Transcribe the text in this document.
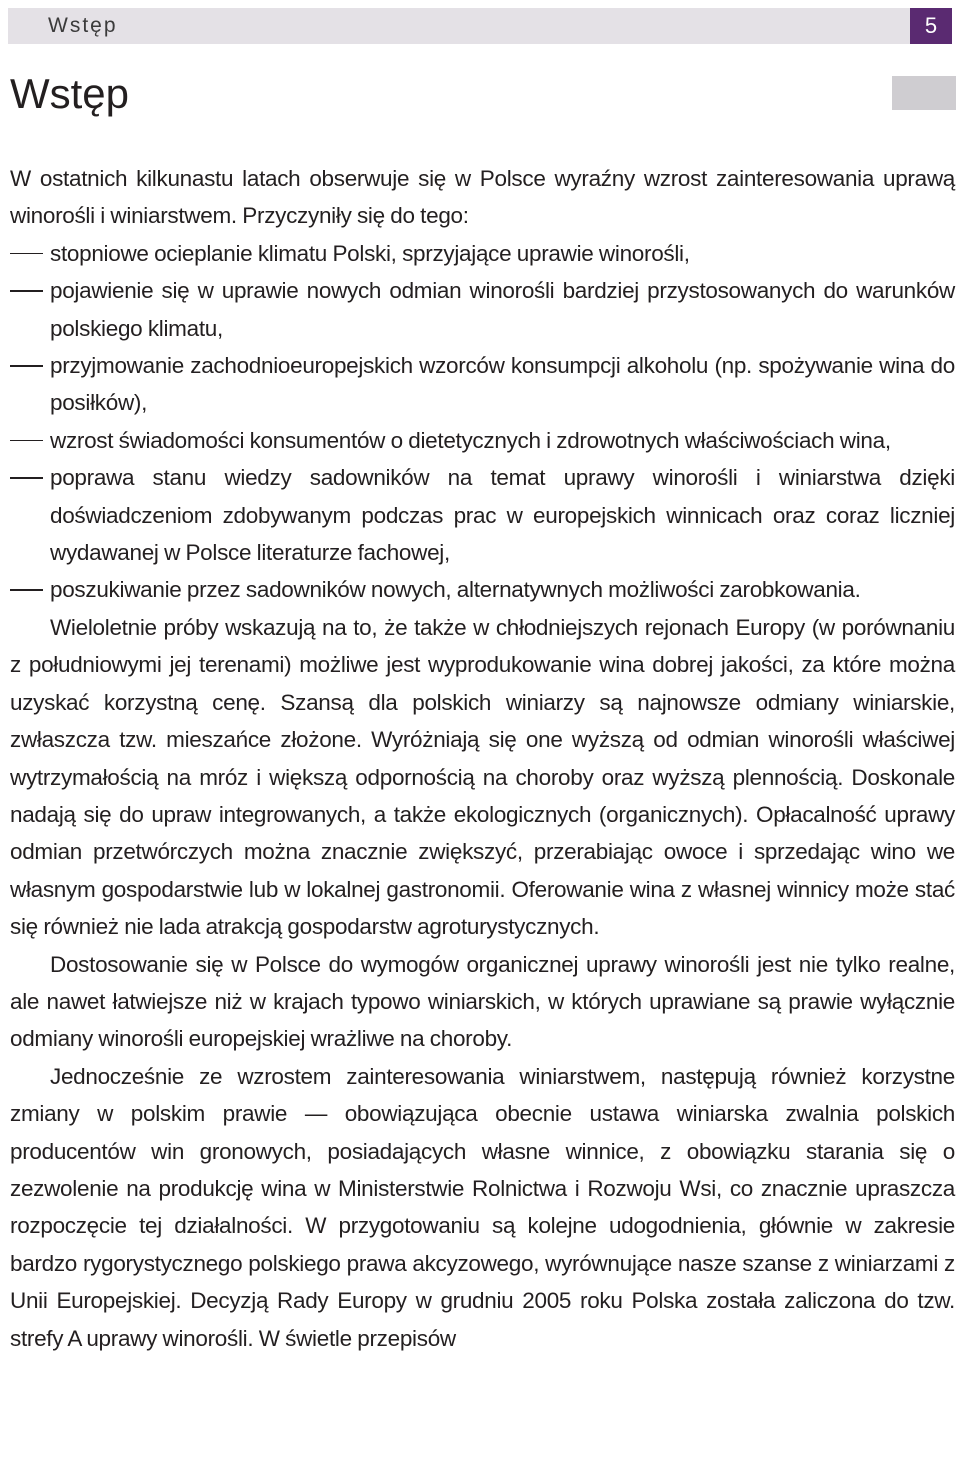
Wstęp	5
Wstęp

W ostatnich kilkunastu latach obserwuje się w Polsce wyraźny wzrost zainteresowania uprawą winorośli i winiarstwem. Przyczyniły się do tego:

stopniowe ocieplanie klimatu Polski, sprzyjające uprawie winorośli,
pojawienie się w uprawie nowych odmian winorośli bardziej przystosowanych do warunków polskiego klimatu,
przyjmowanie zachodnioeuropejskich wzorców konsumpcji alkoholu (np. spożywanie wina do posiłków),
wzrost świadomości konsumentów o dietetycznych i zdrowotnych właściwościach wina,
poprawa stanu wiedzy sadowników na temat uprawy winorośli i winiarstwa dzięki doświadczeniom zdobywanym podczas prac w europejskich winnicach oraz coraz liczniej wydawanej w Polsce literaturze fachowej,
poszukiwanie przez sadowników nowych, alternatywnych możliwości zarobkowania.

Wieloletnie próby wskazują na to, że także w chłodniejszych rejonach Europy (w porównaniu z południowymi jej terenami) możliwe jest wyprodukowanie wina dobrej jakości, za które można uzyskać korzystną cenę. Szansą dla polskich winiarzy są najnowsze odmiany winiarskie, zwłaszcza tzw. mieszańce złożone. Wyróżniają się one wyższą od odmian winorośli właściwej wytrzymałością na mróz i większą odpornością na choroby oraz wyższą plennością. Doskonale nadają się do upraw integrowanych, a także ekologicznych (organicznych). Opłacalność uprawy odmian przetwórczych można znacznie zwiększyć, przerabiając owoce i sprzedając wino we własnym gospodarstwie lub w lokalnej gastronomii. Oferowanie wina z własnej winnicy może stać się również nie lada atrakcją gospodarstw agroturystycznych.

Dostosowanie się w Polsce do wymogów organicznej uprawy winorośli jest nie tylko realne, ale nawet łatwiejsze niż w krajach typowo winiarskich, w których uprawiane są prawie wyłącznie odmiany winorośli europejskiej wrażliwe na choroby.

Jednocześnie ze wzrostem zainteresowania winiarstwem, następują również korzystne zmiany w polskim prawie — obowiązująca obecnie ustawa winiarska zwalnia polskich producentów win gronowych, posiadających własne winnice, z obowiązku starania się o zezwolenie na produkcję wina w Ministerstwie Rolnictwa i Rozwoju Wsi, co znacznie upraszcza rozpoczęcie tej działalności. W przygotowaniu są kolejne udogodnienia, głównie w zakresie bardzo rygorystycznego polskiego prawa akcyzowego, wyrównujące nasze szanse z winiarzami z Unii Europejskiej. Decyzją Rady Europy w grudniu 2005 roku Polska została zaliczona do tzw. strefy A uprawy winorośli. W świetle przepisów
